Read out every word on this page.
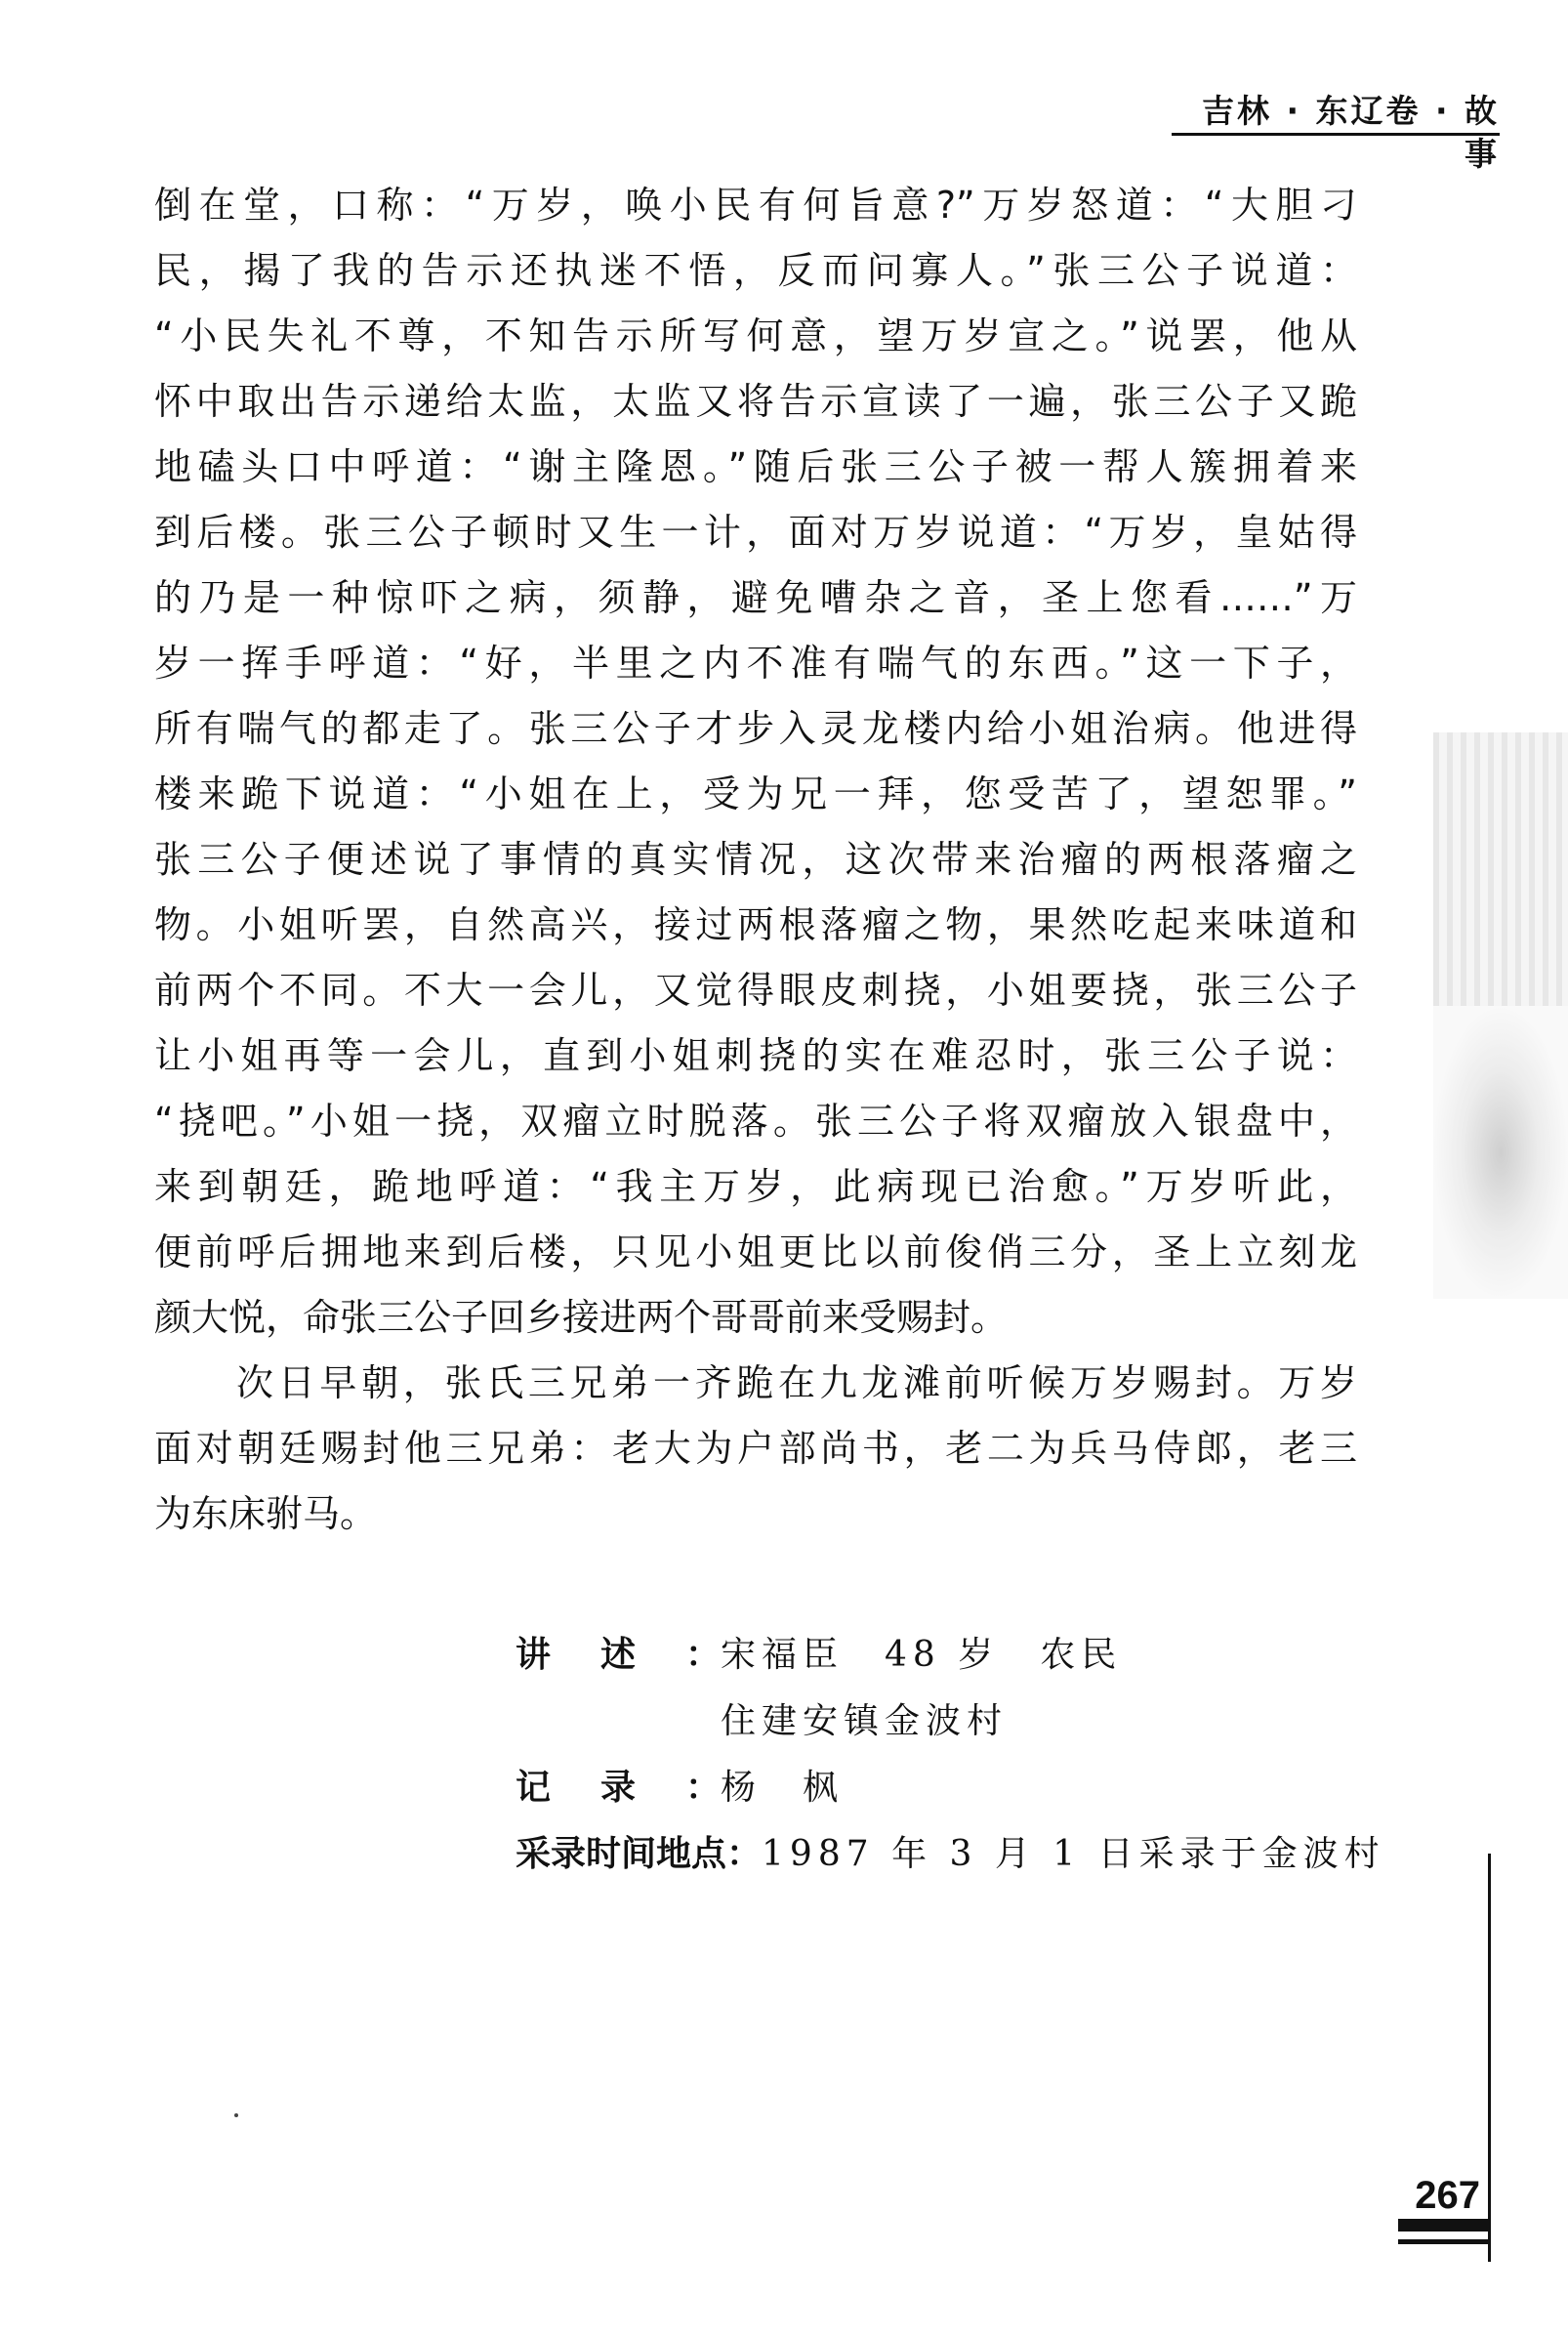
吉林 · 东辽卷 · 故事
倒在堂，口称：“万岁，唤小民有何旨意?”万岁怒道：“大胆刁
民，揭了我的告示还执迷不悟，反而问寡人。”张三公子说道：
“小民失礼不尊，不知告示所写何意，望万岁宣之。”说罢，他从
怀中取出告示递给太监，太监又将告示宣读了一遍，张三公子又跪
地磕头口中呼道：“谢主隆恩。”随后张三公子被一帮人簇拥着来
到后楼。张三公子顿时又生一计，面对万岁说道：“万岁，皇姑得
的乃是一种惊吓之病，须静，避免嘈杂之音，圣上您看……”万
岁一挥手呼道：“好，半里之内不准有喘气的东西。”这一下子，
所有喘气的都走了。张三公子才步入灵龙楼内给小姐治病。他进得
楼来跪下说道：“小姐在上，受为兄一拜，您受苦了，望恕罪。”
张三公子便述说了事情的真实情况，这次带来治瘤的两根落瘤之
物。小姐听罢，自然高兴，接过两根落瘤之物，果然吃起来味道和
前两个不同。不大一会儿，又觉得眼皮刺挠，小姐要挠，张三公子
让小姐再等一会儿，直到小姐刺挠的实在难忍时，张三公子说：
“挠吧。”小姐一挠，双瘤立时脱落。张三公子将双瘤放入银盘中，
来到朝廷，跪地呼道：“我主万岁，此病现已治愈。”万岁听此，
便前呼后拥地来到后楼，只见小姐更比以前俊俏三分，圣上立刻龙
颜大悦，命张三公子回乡接进两个哥哥前来受赐封。
次日早朝，张氏三兄弟一齐跪在九龙滩前听候万岁赐封。万岁
面对朝廷赐封他三兄弟：老大为户部尚书，老二为兵马侍郎，老三
为东床驸马。
讲述：宋福臣　48 岁　农民
住建安镇金波村
记录：杨　枫
采录时间地点：1987 年 3 月 1 日采录于金波村
267
